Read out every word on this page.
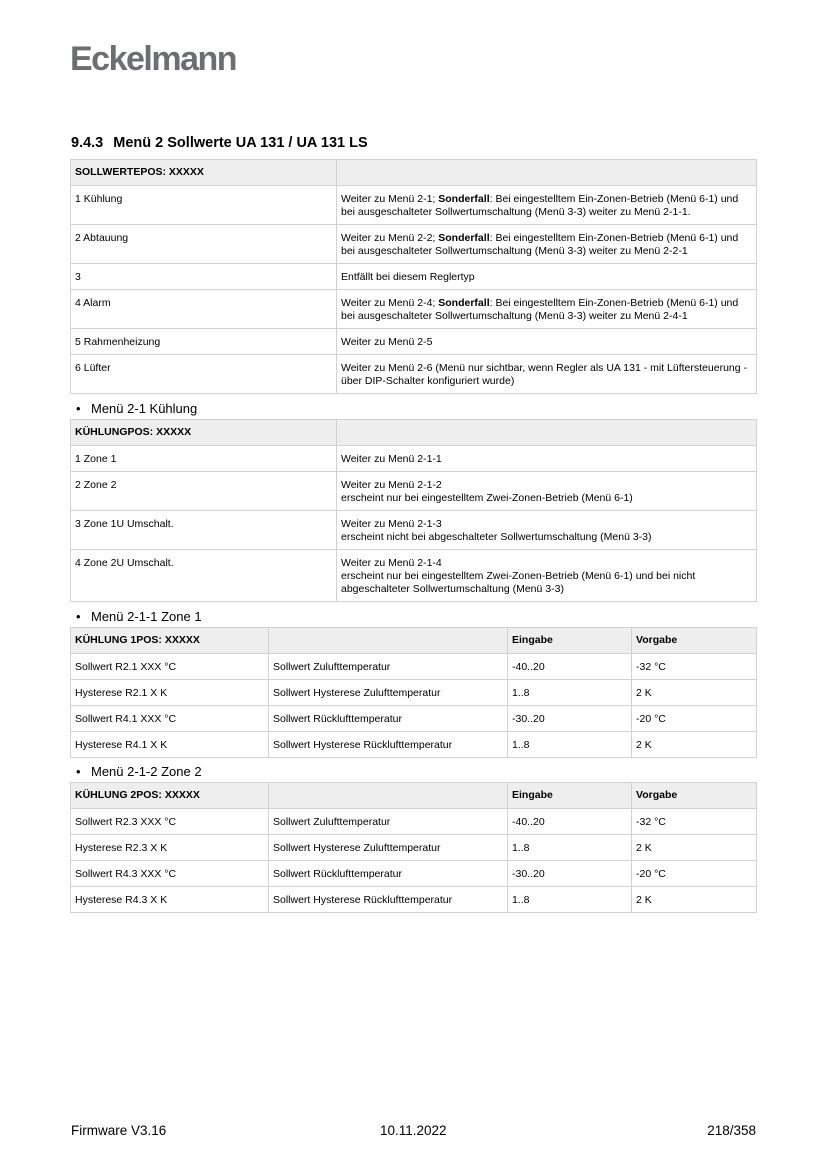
Eckelmann
9.4.3 Menü 2 Sollwerte UA 131 / UA 131 LS
SOLLWERTEPOS: XXXXX	
1 Kühlung	Weiter zu Menü 2-1; Sonderfall: Bei eingestelltem Ein-Zonen-Betrieb (Menü 6-1) und bei ausgeschalteter Sollwertumschaltung (Menü 3-3) weiter zu Menü 2-1-1.
2 Abtauung	Weiter zu Menü 2-2; Sonderfall: Bei eingestelltem Ein-Zonen-Betrieb (Menü 6-1) und bei ausgeschalteter Sollwertumschaltung (Menü 3-3) weiter zu Menü 2-2-1
3	Entfällt bei diesem Reglertyp
4 Alarm	Weiter zu Menü 2-4; Sonderfall: Bei eingestelltem Ein-Zonen-Betrieb (Menü 6-1) und bei ausgeschalteter Sollwertumschaltung (Menü 3-3) weiter zu Menü 2-4-1
5 Rahmenheizung	Weiter zu Menü 2-5
6 Lüfter	Weiter zu Menü 2-6 (Menü nur sichtbar, wenn Regler als UA 131 - mit Lüftersteuerung - über DIP-Schalter konfiguriert wurde)
• Menü 2-1 Kühlung
KÜHLUNGPOS: XXXXX	
1 Zone 1	Weiter zu Menü 2-1-1

2 Zone 2	Weiter zu Menü 2-1-2
erscheint nur bei eingestelltem Zwei-Zonen-Betrieb (Menü 6-1)

3 Zone 1U Umschalt.	Weiter zu Menü 2-1-3
erscheint nicht bei abgeschalteter Sollwertumschaltung (Menü 3-3)

4 Zone 2U Umschalt.	Weiter zu Menü 2-1-4
erscheint nur bei eingestelltem Zwei-Zonen-Betrieb (Menü 6-1) und bei nicht abgeschalteter Sollwertumschaltung (Menü 3-3)
• Menü 2-1-1 Zone 1
KÜHLUNG 1POS: XXXXX		Eingabe	Vorgabe
Sollwert R2.1 XXX °C	Sollwert Zulufttemperatur	-40..20	-32 °C
Hysterese R2.1 X K	Sollwert Hysterese Zulufttemperatur	1..8	2 K
Sollwert R4.1 XXX °C	Sollwert Rücklufttemperatur	-30..20	-20 °C
Hysterese R4.1 X K	Sollwert Hysterese Rücklufttemperatur	1..8	2 K
• Menü 2-1-2 Zone 2
KÜHLUNG 2POS: XXXXX		Eingabe	Vorgabe
Sollwert R2.3 XXX °C	Sollwert Zulufttemperatur	-40..20	-32 °C
Hysterese R2.3 X K	Sollwert Hysterese Zulufttemperatur	1..8	2 K
Sollwert R4.3 XXX °C	Sollwert Rücklufttemperatur	-30..20	-20 °C
Hysterese R4.3 X K	Sollwert Hysterese Rücklufttemperatur	1..8	2 K
Firmware V3.16	10.11.2022	218/358
